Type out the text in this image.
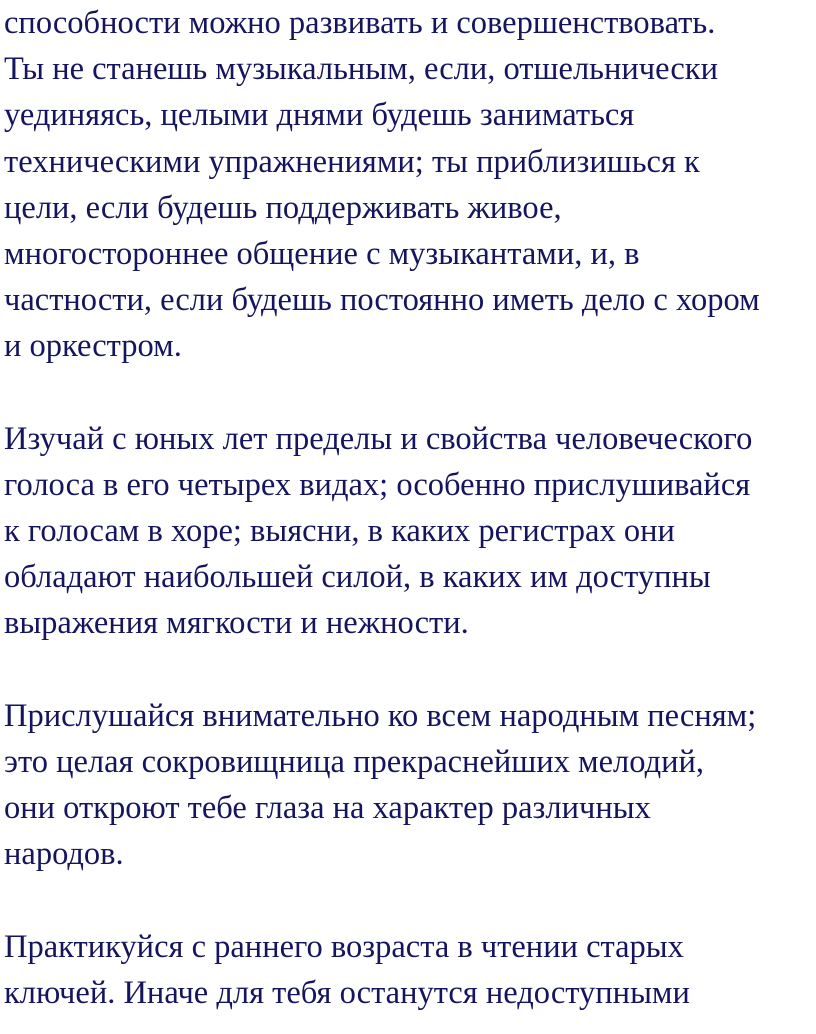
способности можно развивать и совершенствовать.
Ты не станешь музыкальным, если, отшельнически
уединяясь, целыми днями будешь заниматься
техническими упражнениями; ты приблизишься к
цели, если будешь поддерживать живое,
многостороннее общение с музыкантами, и, в
частности, если будешь постоянно иметь дело с хором
и оркестром.

Изучай с юных лет пределы и свойства человеческого
голоса в его четырех видах; особенно прислушивайся
к голосам в хоре; выясни, в каких регистрах они
обладают наибольшей силой, в каких им доступны
выражения мягкости и нежности.

Прислушайся внимательно ко всем народным песням;
это целая сокровищница прекраснейших мелодий,
они откроют тебе глаза на характер различных
народов.

Практикуйся с раннего возраста в чтении старых
ключей. Иначе для тебя останутся недоступными
